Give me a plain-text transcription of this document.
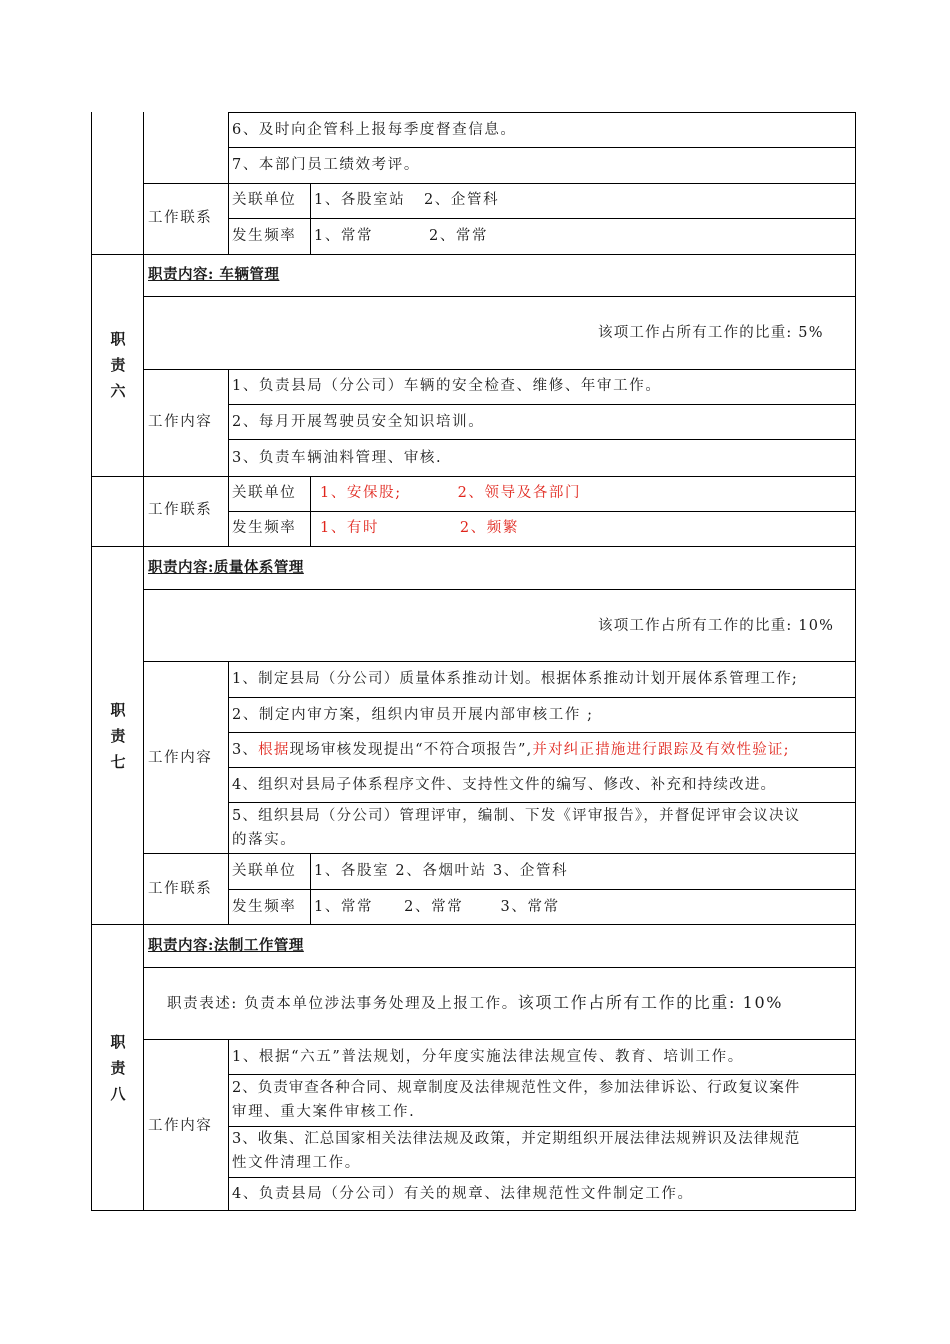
6、及时向企管科上报每季度督查信息。
7、本部门员工绩效考评。
工作联系
关联单位 1、各股室站   2、企管科
发生频率 1、常常         2、常常
职责六
职责内容: 车辆管理
该项工作占所有工作的比重: 5%
工作内容
1、负责县局（分公司）车辆的安全检查、维修、年审工作。
2、每月开展驾驶员安全知识培训。
3、负责车辆油料管理、审核.
工作联系
关联单位 1、安保股;         2、领导及各部门
发生频率 1、有时             2、频繁
职责七
职责内容:质量体系管理
该项工作占所有工作的比重: 10%
工作内容
1、制定县局（分公司）质量体系推动计划。根据体系推动计划开展体系管理工作;
2、制定内审方案，组织内审员开展内部审核工作 ;
3、根据现场审核发现提出“不符合项报告”,并对纠正措施进行跟踪及有效性验证;
4、组织对县局子体系程序文件、支持性文件的编写、修改、补充和持续改进。
5、组织县局（分公司）管理评审，编制、下发《评审报告》，并督促评审会议决议
的落实。
工作联系
关联单位 1、各股室 2、各烟叶站 3、企管科
发生频率 1、常常     2、常常      3、常常
职责八
职责内容:法制工作管理
职责表述: 负责本单位涉法事务处理及上报工作。该项工作占所有工作的比重: 10%
工作内容
1、根据“六五”普法规划，分年度实施法律法规宣传、教育、培训工作。
2、负责审查各种合同、规章制度及法律规范性文件，参加法律诉讼、行政复议案件
审理、重大案件审核工作.
3、收集、汇总国家相关法律法规及政策，并定期组织开展法律法规辨识及法律规范
性文件清理工作。
4、负责县局（分公司）有关的规章、法律规范性文件制定工作。
